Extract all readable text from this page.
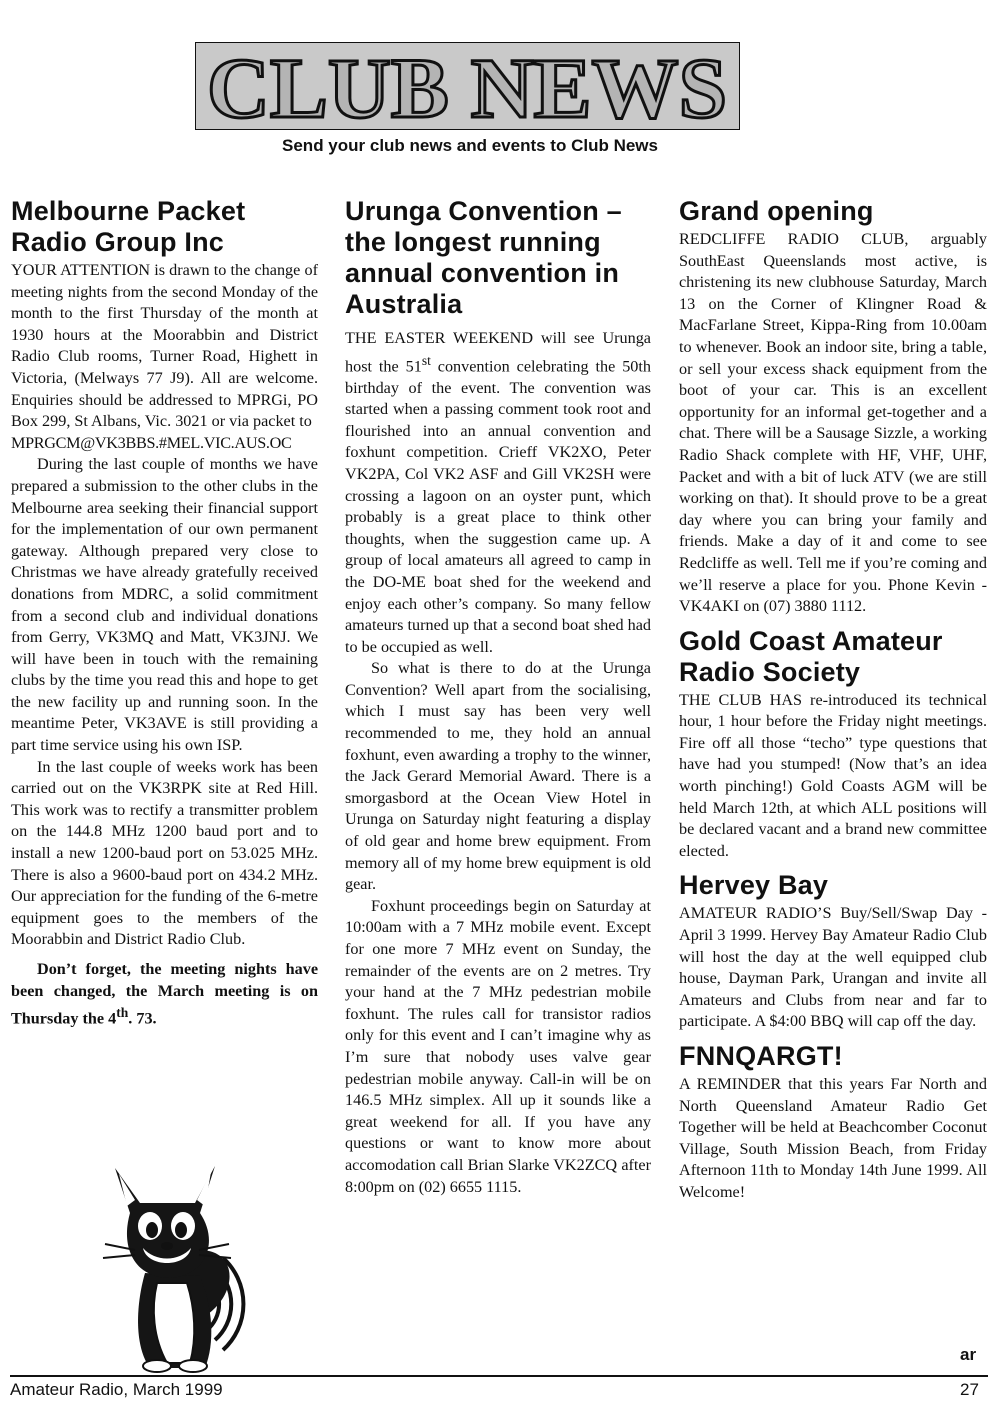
CLUB NEWS
Send your club news and events to Club News
Melbourne Packet Radio Group Inc

YOUR ATTENTION is drawn to the change of meeting nights from the second Monday of the month to the first Thursday of the month at 1930 hours at the Moorabbin and District Radio Club rooms, Turner Road, Highett in Victoria, (Melways 77 J9). All are welcome. Enquiries should be addressed to MPRGi, PO Box 299, St Albans, Vic. 3021 or via packet to
MPRGCM@VK3BBS.#MEL.VIC.AUS.OC

During the last couple of months we have prepared a submission to the other clubs in the Melbourne area seeking their financial support for the implementation of our own permanent gateway. Although prepared very close to Christmas we have already gratefully received donations from MDRC, a solid commitment from a second club and individual donations from Gerry, VK3MQ and Matt, VK3JNJ. We will have been in touch with the remaining clubs by the time you read this and hope to get the new facility up and running soon. In the meantime Peter, VK3AVE is still providing a part time service using his own ISP.

In the last couple of weeks work has been carried out on the VK3RPK site at Red Hill. This work was to rectify a transmitter problem on the 144.8 MHz 1200 baud port and to install a new 1200-baud port on 53.025 MHz. There is also a 9600-baud port on 434.2 MHz. Our appreciation for the funding of the 6-metre equipment goes to the members of the Moorabbin and District Radio Club.

Don’t forget, the meeting nights have been changed, the March meeting is on Thursday the 4th. 73.

Urunga Convention – the longest running annual convention in Australia

THE EASTER WEEKEND will see Urunga host the 51st convention celebrating the 50th birthday of the event. The convention was started when a passing comment took root and flourished into an annual convention and foxhunt competition. Crieff VK2XO, Peter VK2PA, Col VK2 ASF and Gill VK2SH were crossing a lagoon on an oyster punt, which probably is a great place to think other thoughts, when the suggestion came up. A group of local amateurs all agreed to camp in the DO-ME boat shed for the weekend and enjoy each other’s company. So many fellow amateurs turned up that a second boat shed had to be occupied as well.

So what is there to do at the Urunga Convention? Well apart from the socialising, which I must say has been very well recommended to me, they hold an annual foxhunt, even awarding a trophy to the winner, the Jack Gerard Memorial Award. There is a smorgasbord at the Ocean View Hotel in Urunga on Saturday night featuring a display of old gear and home brew equipment. From memory all of my home brew equipment is old gear.

Foxhunt proceedings begin on Saturday at 10:00am with a 7 MHz mobile event. Except for one more 7 MHz event on Sunday, the remainder of the events are on 2 metres. Try your hand at the 7 MHz pedestrian mobile foxhunt. The rules call for transistor radios only for this event and I can’t imagine why as I’m sure that nobody uses valve gear pedestrian mobile anyway. Call-in will be on 146.5 MHz simplex. All up it sounds like a great weekend for all. If you have any questions or want to know more about accomodation call Brian Slarke VK2ZCQ after 8:00pm on (02) 6655 1115.

Grand opening

REDCLIFFE RADIO CLUB, arguably SouthEast Queenslands most active, is christening its new clubhouse Saturday, March 13 on the Corner of Klingner Road & MacFarlane Street, Kippa-Ring from 10.00am to whenever. Book an indoor site, bring a table, or sell your excess shack equipment from the boot of your car. This is an excellent opportunity for an informal get-together and a chat. There will be a Sausage Sizzle, a working Radio Shack complete with HF, VHF, UHF, Packet and with a bit of luck ATV (we are still working on that). It should prove to be a great day where you can bring your family and friends. Make a day of it and come to see Redcliffe as well. Tell me if you’re coming and we’ll reserve a place for you. Phone Kevin - VK4AKI on (07) 3880 1112.

Gold Coast Amateur Radio Society

THE CLUB HAS re-introduced its technical hour, 1 hour before the Friday night meetings. Fire off all those “techo” type questions that have had you stumped! (Now that’s an idea worth pinching!) Gold Coasts AGM will be held March 12th, at which ALL positions will be declared vacant and a brand new committee elected.

Hervey Bay

AMATEUR RADIO’S Buy/Sell/Swap Day - April 3 1999. Hervey Bay Amateur Radio Club will host the day at the well equipped club house, Dayman Park, Urangan and invite all Amateurs and Clubs from near and far to participate. A $4:00 BBQ will cap off the day.

FNNQARGT!

A REMINDER that this years Far North and North Queensland Amateur Radio Get Together will be held at Beachcomber Coconut Village, South Mission Beach, from Friday Afternoon 11th to Monday 14th June 1999. All Welcome!

ar
Amateur Radio, March 1999	27
